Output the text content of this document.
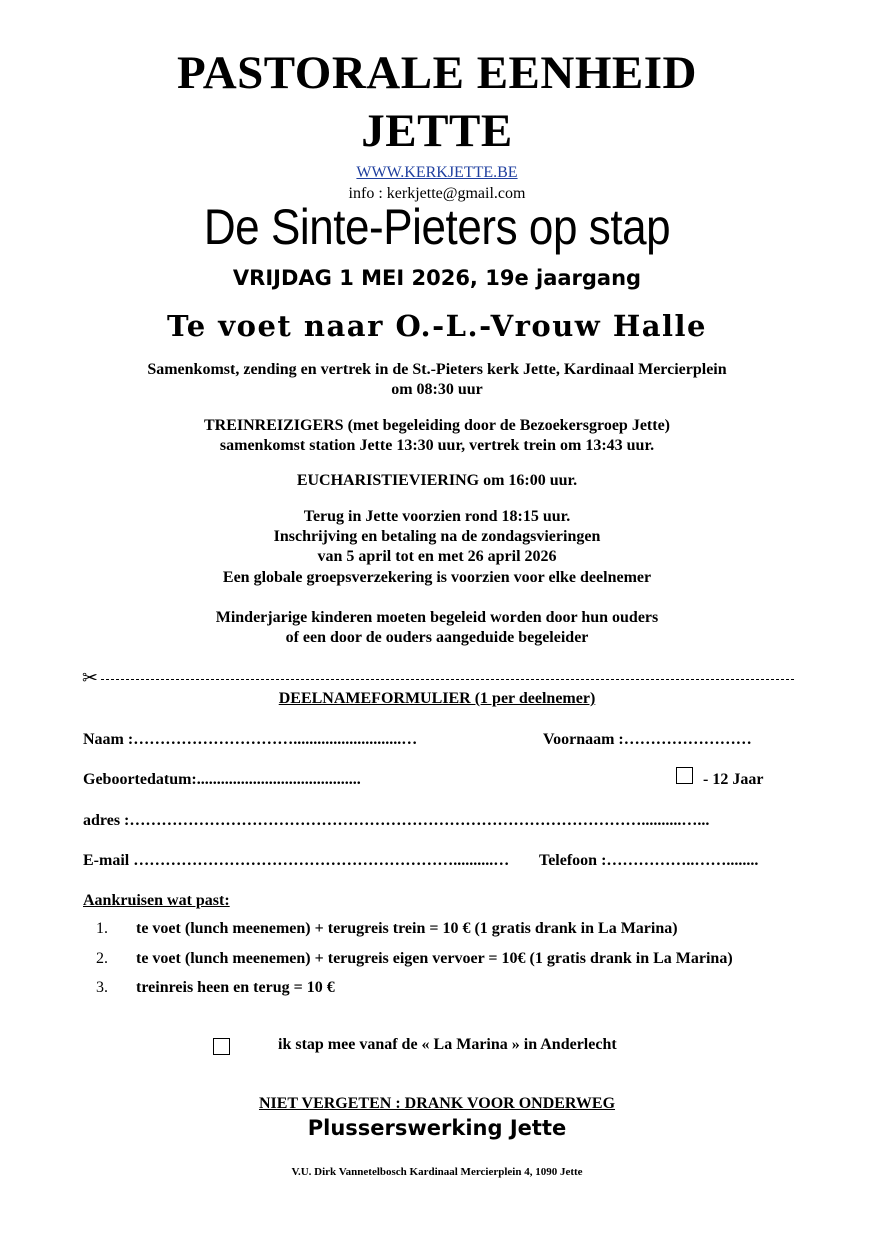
PASTORALE EENHEID
JETTE
WWW.KERKJETTE.BE
info : kerkjette@gmail.com
De Sinte-Pieters op stap
VRIJDAG 1 MEI 2026, 19e jaargang
Te voet naar O.-L.-Vrouw Halle
Samenkomst, zending en vertrek in de St.-Pieters kerk Jette, Kardinaal Mercierplein
om 08:30 uur
TREINREIZIGERS (met begeleiding door de Bezoekersgroep Jette)
samenkomst station Jette 13:30 uur, vertrek trein om 13:43 uur.
EUCHARISTIEVIERING om 16:00 uur.
Terug in Jette voorzien rond 18:15 uur.
Inschrijving en betaling na de zondagsvieringen
van 5 april tot en met 26 april 2026
Een globale groepsverzekering is voorzien voor elke deelnemer
Minderjarige kinderen moeten begeleid worden door hun ouders
of een door de ouders aangeduide begeleider
✂
DEELNAMEFORMULIER (1 per deelnemer)
Naam :…………………………...........................…	Voornaam :……………………
Geboortedatum:.........................................	- 12 Jaar
adres :……………………………………………………………………………………..........…...
E-mail ……………………………………………………..........… Telefoon :……………..……........
Aankruisen wat past:
1. te voet (lunch meenemen) + terugreis trein = 10 € (1 gratis drank in La Marina)
2. te voet (lunch meenemen) + terugreis eigen vervoer = 10€ (1 gratis drank in La Marina)
3. treinreis heen en terug = 10 €
ik stap mee vanaf de « La Marina » in Anderlecht
NIET VERGETEN : DRANK VOOR ONDERWEG
Plusserswerking Jette
V.U. Dirk Vannetelbosch Kardinaal Mercierplein 4, 1090 Jette
